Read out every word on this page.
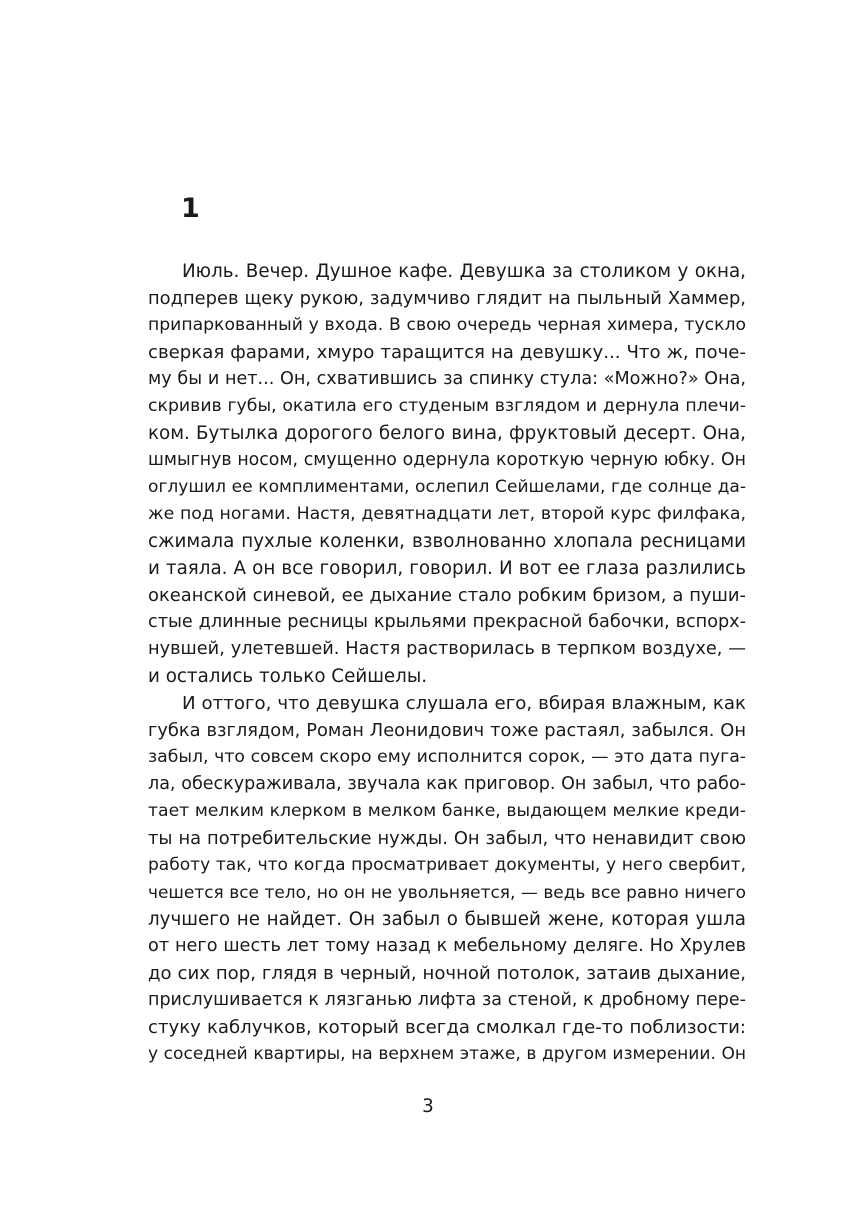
1
Июль. Вечер. Душное кафе. Девушка за столиком у окна,
подперев щеку рукою, задумчиво глядит на пыльный Хаммер,
припаркованный у входа. В свою очередь черная химера, тускло
сверкая фарами, хмуро таращится на девушку... Что ж, поче-
му бы и нет... Он, схватившись за спинку стула: «Можно?» Она,
скривив губы, окатила его студеным взглядом и дернула плечи-
ком. Бутылка дорогого белого вина, фруктовый десерт. Она,
шмыгнув носом, смущенно одернула короткую черную юбку. Он
оглушил ее комплиментами, ослепил Сейшелами, где солнце да-
же под ногами. Настя, девятнадцати лет, второй курс филфака,
сжимала пухлые коленки, взволнованно хлопала ресницами
и таяла. А он все говорил, говорил. И вот ее глаза разлились
океанской синевой, ее дыхание стало робким бризом, а пуши-
стые длинные ресницы крыльями прекрасной бабочки, вспорх-
нувшей, улетевшей. Настя растворилась в терпком воздухе, —
и остались только Сейшелы.
И оттого, что девушка слушала его, вбирая влажным, как
губка взглядом, Роман Леонидович тоже растаял, забылся. Он
забыл, что совсем скоро ему исполнится сорок, — это дата пуга-
ла, обескураживала, звучала как приговор. Он забыл, что рабо-
тает мелким клерком в мелком банке, выдающем мелкие креди-
ты на потребительские нужды. Он забыл, что ненавидит свою
работу так, что когда просматривает документы, у него свербит,
чешется все тело, но он не увольняется, — ведь все равно ничего
лучшего не найдет. Он забыл о бывшей жене, которая ушла
от него шесть лет тому назад к мебельному деляге. Но Хрулев
до сих пор, глядя в черный, ночной потолок, затаив дыхание,
прислушивается к лязганью лифта за стеной, к дробному пере-
стуку каблучков, который всегда смолкал где-то поблизости:
у соседней квартиры, на верхнем этаже, в другом измерении. Он

3
